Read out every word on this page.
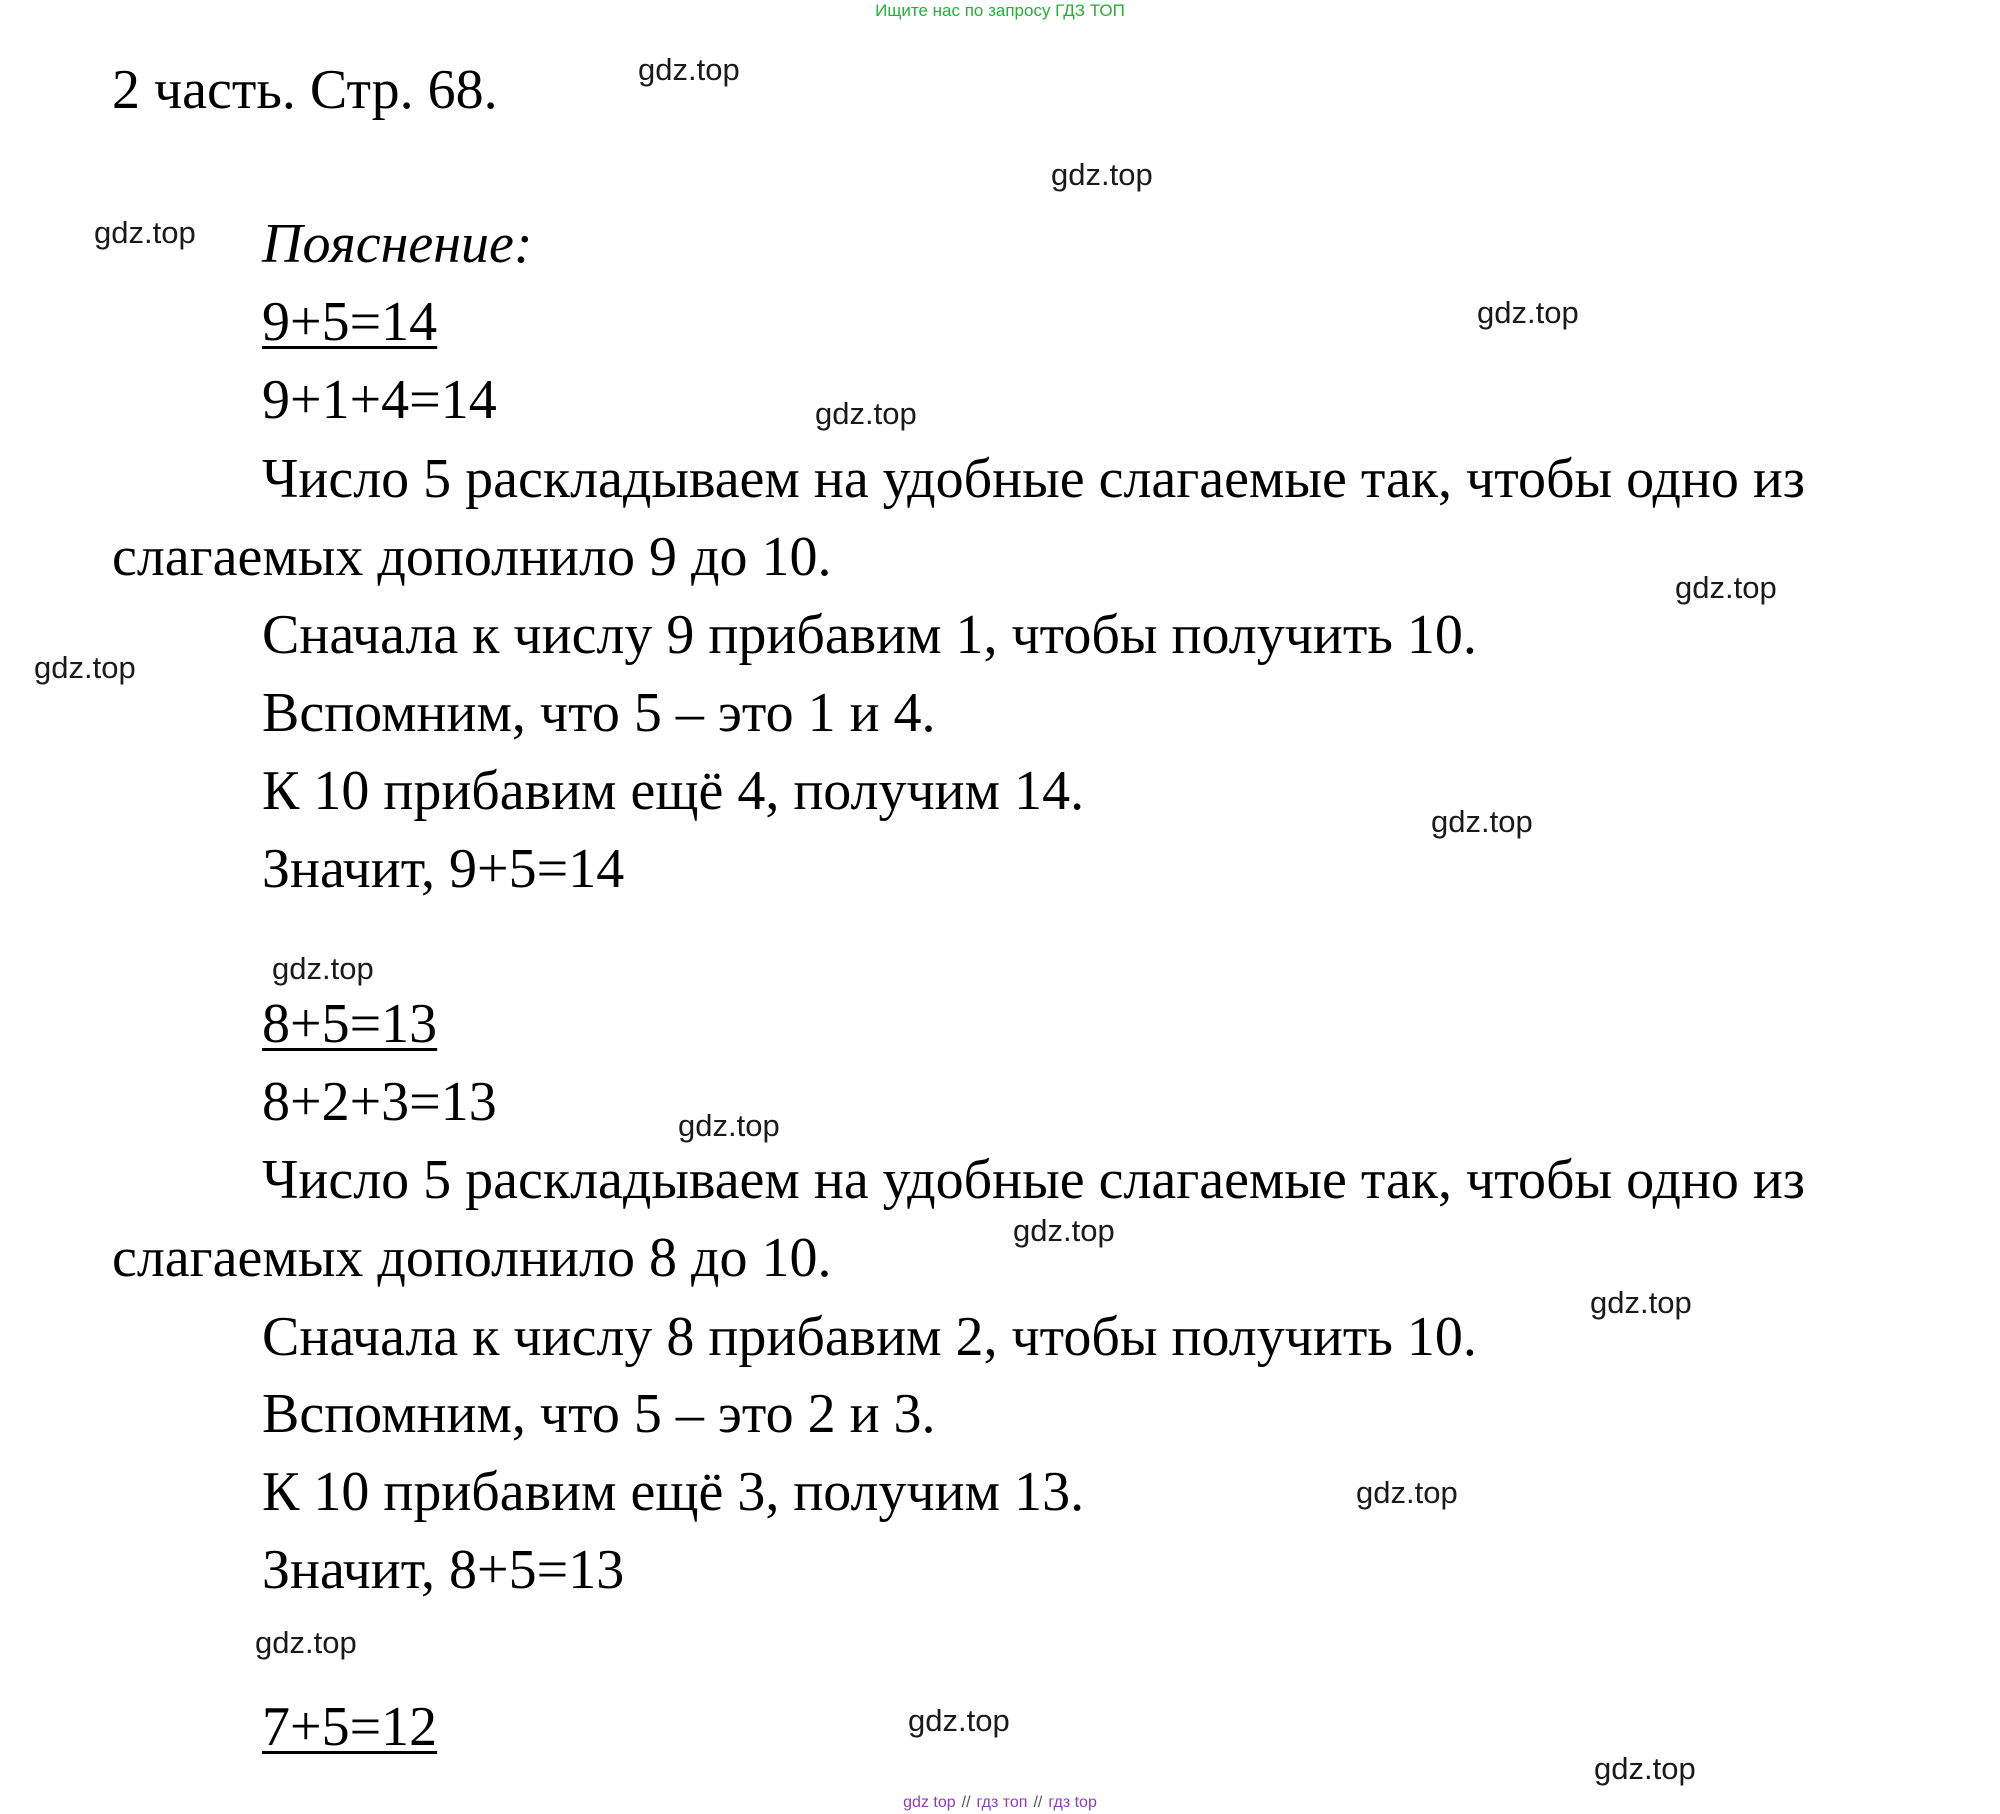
Ищите нас по запросу ГДЗ ТОП
2 часть. Стр. 68.
Пояснение:
9+5=14
9+1+4=14
Число 5 раскладываем на удобные слагаемые так, чтобы одно из
слагаемых дополнило 9 до 10.
Сначала к числу 9 прибавим 1, чтобы получить 10.
Вспомним, что 5 – это 1 и 4.
К 10 прибавим ещё 4, получим 14.
Значит, 9+5=14
8+5=13
8+2+3=13
Число 5 раскладываем на удобные слагаемые так, чтобы одно из
слагаемых дополнило 8 до 10.
Сначала к числу 8 прибавим 2, чтобы получить 10.
Вспомним, что 5 – это 2 и 3.
К 10 прибавим ещё 3, получим 13.
Значит, 8+5=13
7+5=12
gdz.top
gdz.top
gdz.top
gdz.top
gdz.top
gdz.top
gdz.top
gdz.top
gdz.top
gdz.top
gdz.top
gdz.top
gdz.top
gdz.top
gdz.top
gdz.top
gdz top // гдз топ // гдз top
